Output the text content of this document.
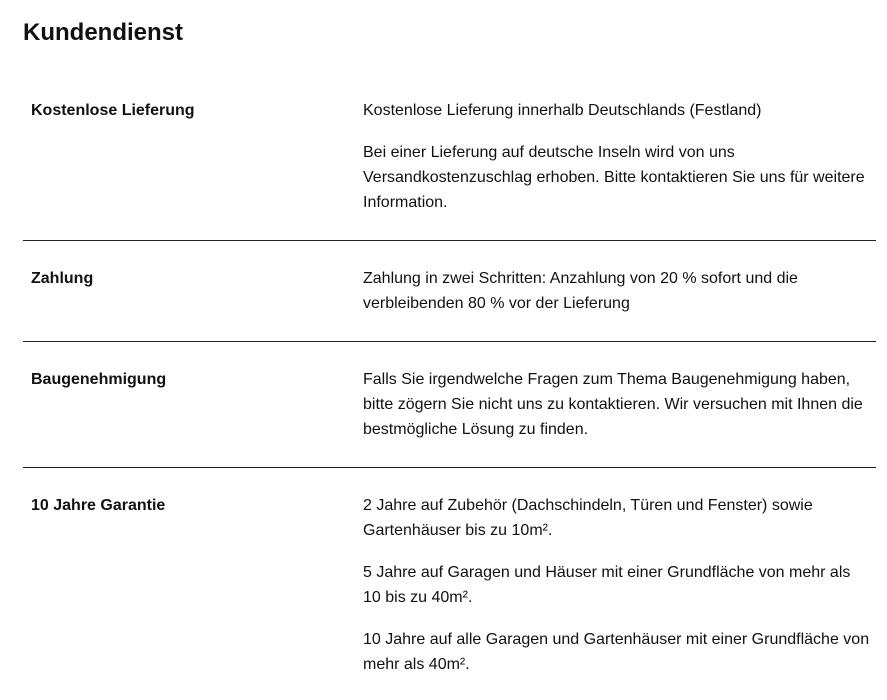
Kundendienst
Kostenlose Lieferung	Kostenlose Lieferung innerhalb Deutschlands (Festland)

Bei einer Lieferung auf deutsche Inseln wird von uns Versandkostenzuschlag erhoben. Bitte kontaktieren Sie uns für weitere Information.

Zahlung	Zahlung in zwei Schritten: Anzahlung von 20 % sofort und die verbleibenden 80 % vor der Lieferung

Baugenehmigung	Falls Sie irgendwelche Fragen zum Thema Baugenehmigung haben, bitte zögern Sie nicht uns zu kontaktieren. Wir versuchen mit Ihnen die bestmögliche Lösung zu finden.

10 Jahre Garantie	2 Jahre auf Zubehör (Dachschindeln, Türen und Fenster) sowie Gartenhäuser bis zu 10m².

5 Jahre auf Garagen und Häuser mit einer Grundfläche von mehr als 10 bis zu 40m².

10 Jahre auf alle Garagen und Gartenhäuser mit einer Grundfläche von mehr als 40m².
